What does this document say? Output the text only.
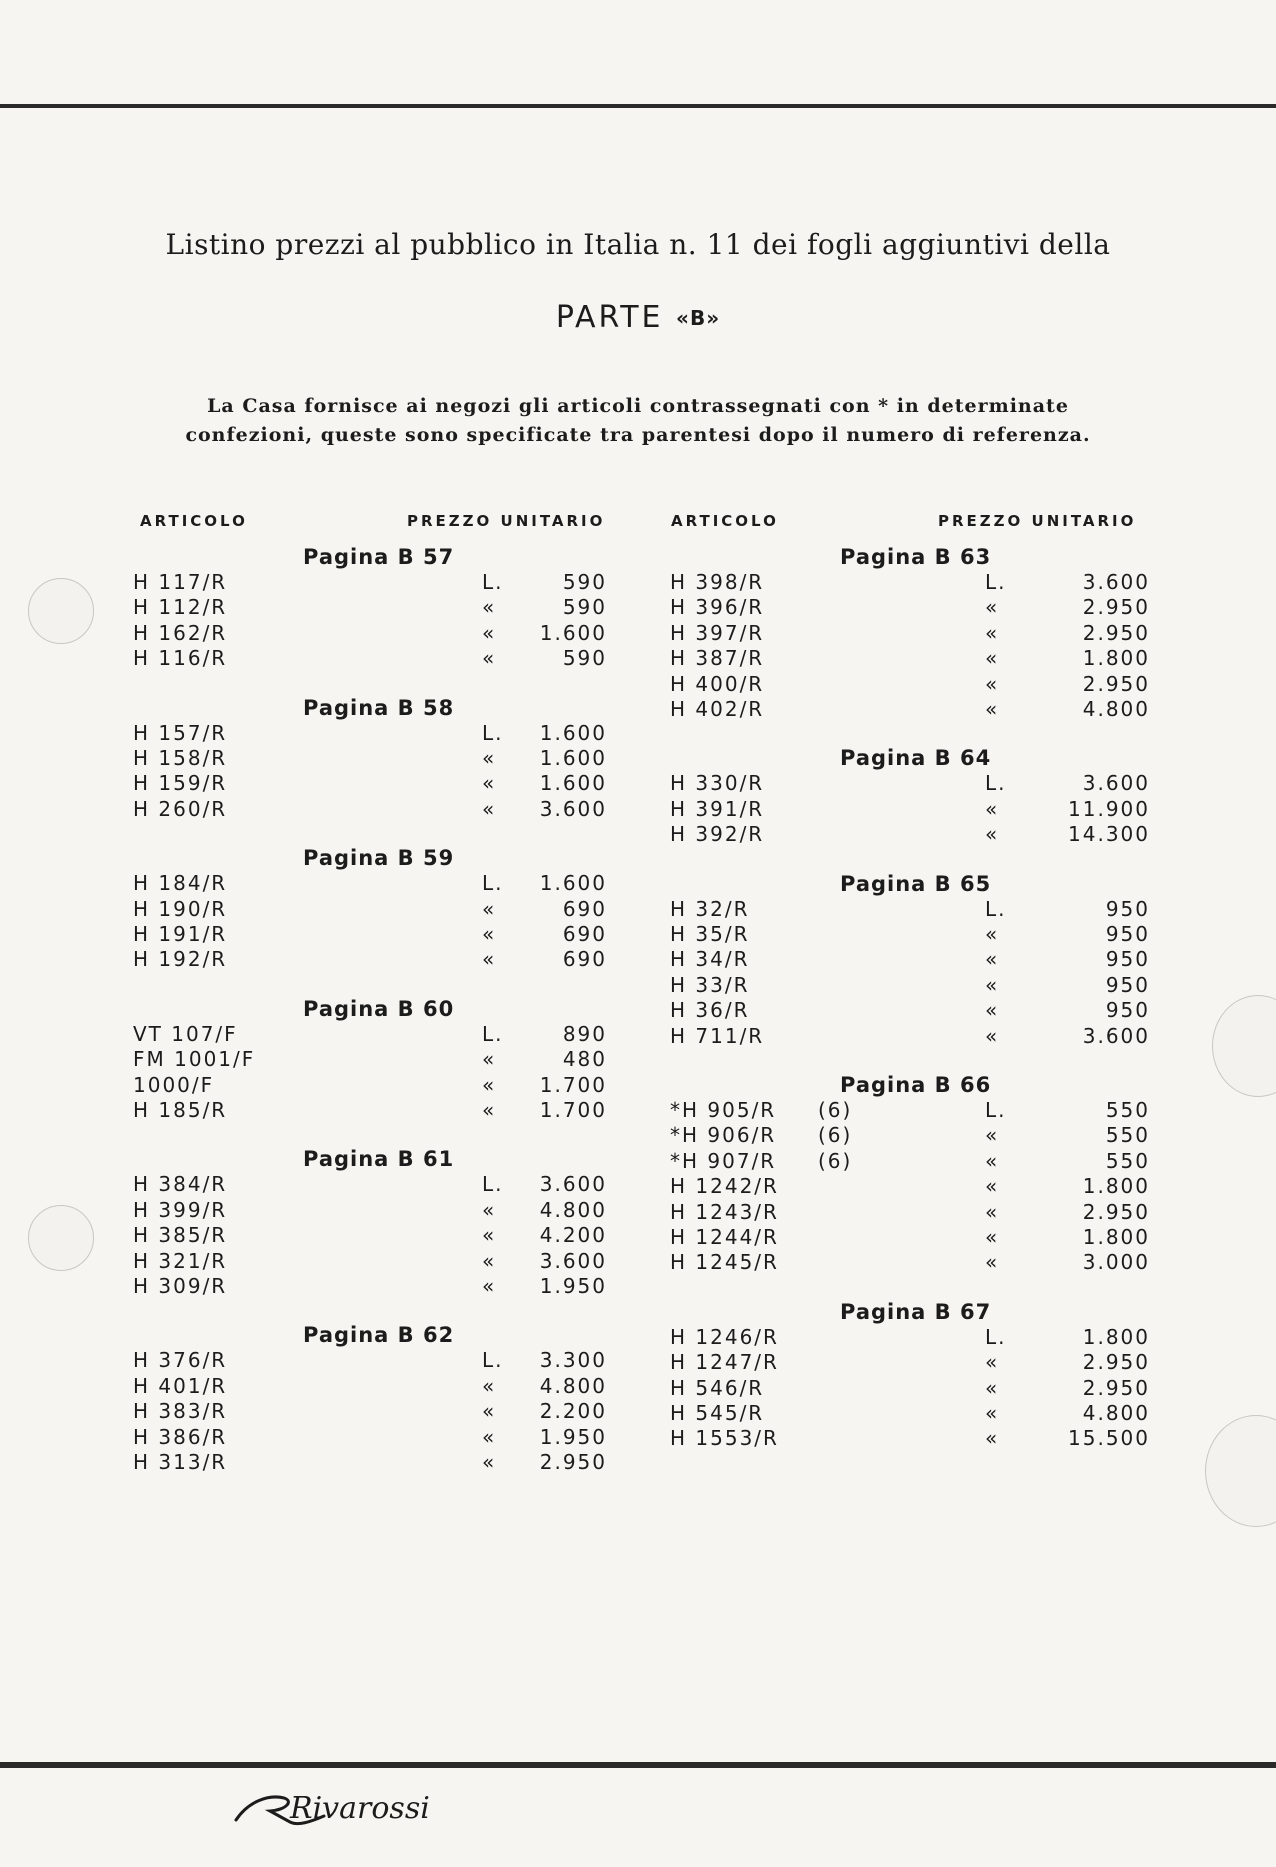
Listino prezzi al pubblico in Italia n. 11 dei fogli aggiuntivi della
PARTE «B»
La Casa fornisce ai negozi gli articoli contrassegnati con * in determinate
confezioni, queste sono specificate tra parentesi dopo il numero di referenza.
ARTICOLO	PREZZO UNITARIO	ARTICOLO	PREZZO UNITARIO
Pagina B 57
H 117/R	L.	590
H 112/R	«	590
H 162/R	« 1.600
H 116/R	«	590
Pagina B 58
H 157/R	L. 1.600
H 158/R	« 1.600
H 159/R	« 1.600
H 260/R	« 3.600
Pagina B 59
H 184/R	L. 1.600
H 190/R	«	690
H 191/R	«	690
H 192/R	«	690
Pagina B 60
VT 107/F	L.	890
FM 1001/F	«	480
1000/F	« 1.700
H 185/R	« 1.700
Pagina B 61
H 384/R	L. 3.600
H 399/R	« 4.800
H 385/R	« 4.200
H 321/R	« 3.600
H 309/R	« 1.950
Pagina B 62
H 376/R	L. 3.300
H 401/R	« 4.800
H 383/R	« 2.200
H 386/R	« 1.950
H 313/R	« 2.950
Pagina B 63
H 398/R	L.	3.600
H 396/R	«	2.950
H 397/R	«	2.950
H 387/R	«	1.800
H 400/R	«	2.950
H 402/R	«	4.800
Pagina B 64
H 330/R	L.	3.600
H 391/R	«	11.900
H 392/R	«	14.300
Pagina B 65
H 32/R	L.	950
H 35/R	«	950
H 34/R	«	950
H 33/R	«	950
H 36/R	«	950
H 711/R	«	3.600
Pagina B 66
*H 905/R (6)	L.	550
*H 906/R (6)	«	550
*H 907/R (6)	«	550
H 1242/R	«	1.800
H 1243/R	«	2.950
H 1244/R	«	1.800
H 1245/R	«	3.000
Pagina B 67
H 1246/R	L.	1.800
H 1247/R	«	2.950
H 546/R	«	2.950
H 545/R	«	4.800
H 1553/R	«	15.500
Rivarossi
